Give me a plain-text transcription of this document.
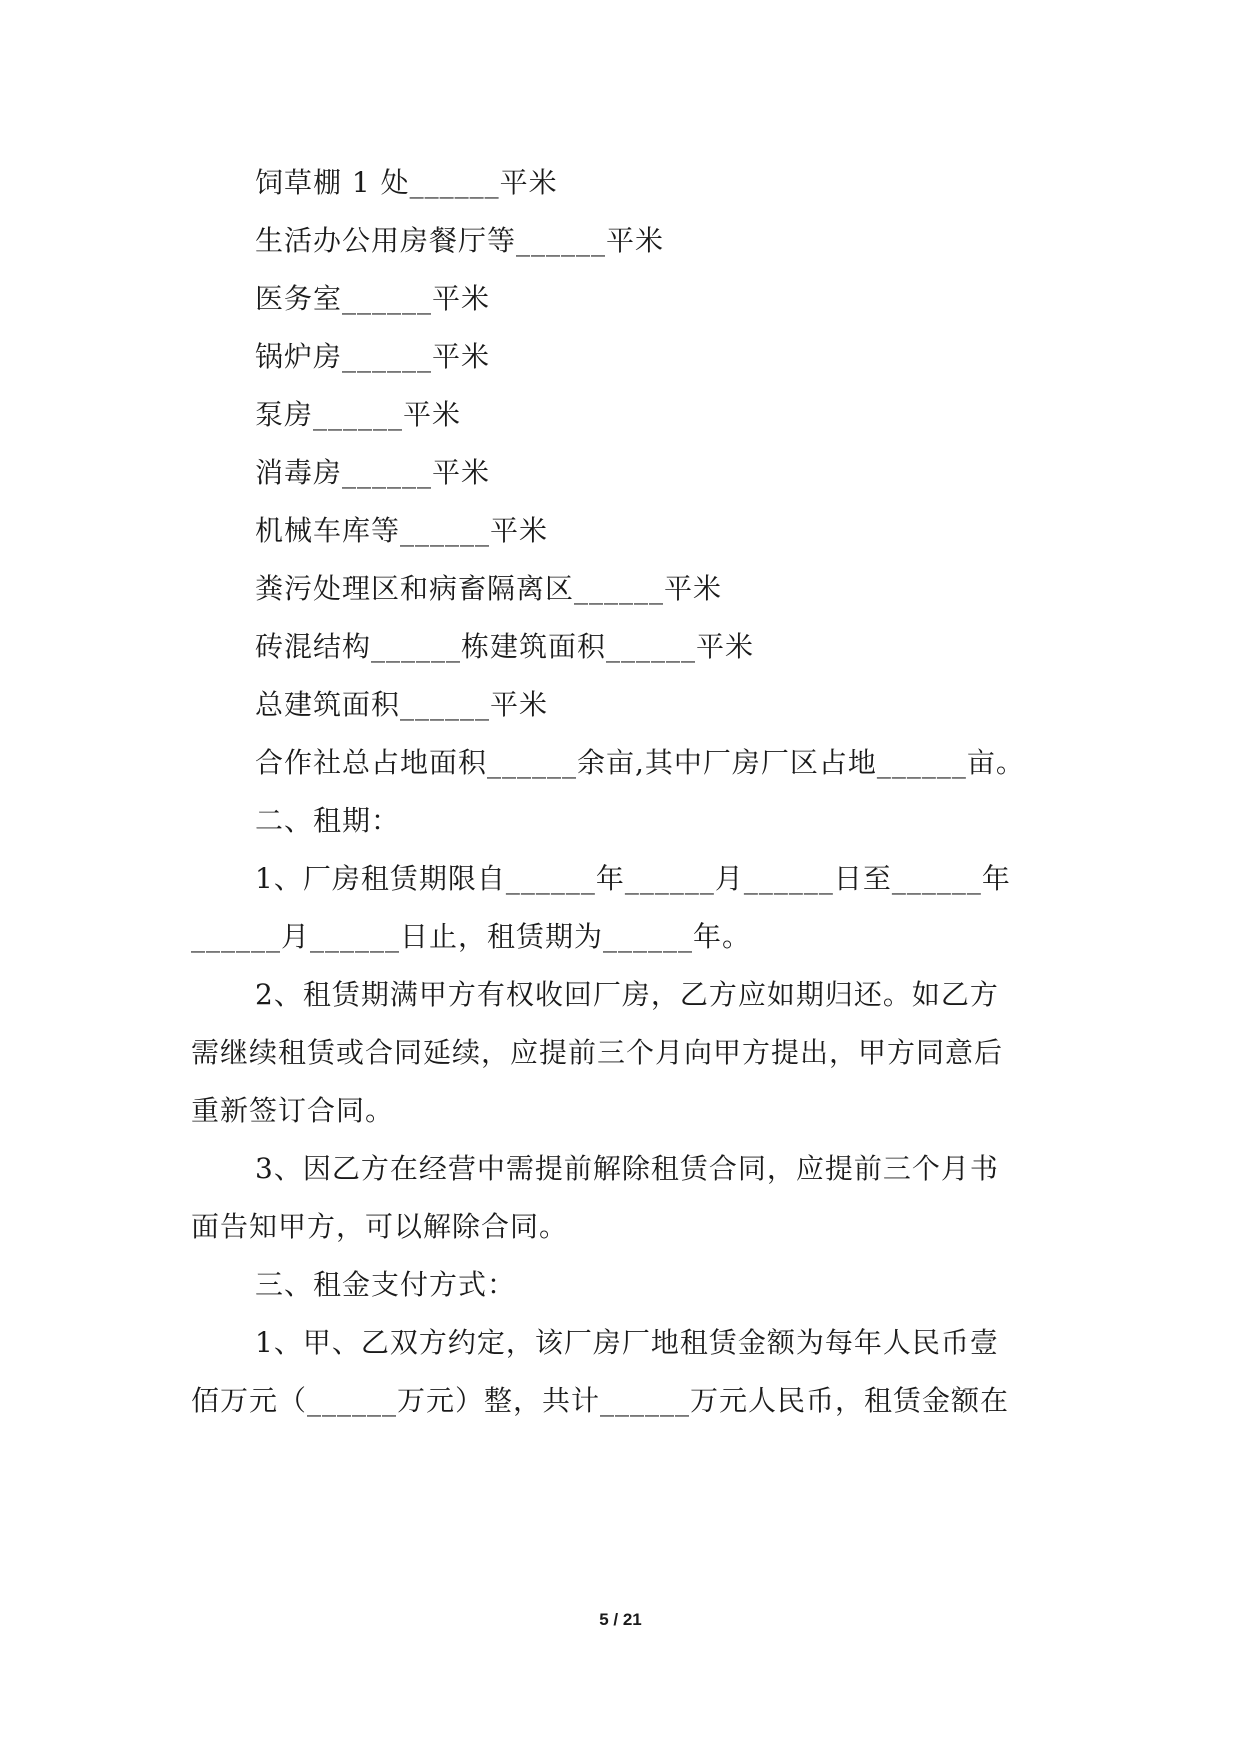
饲草棚 1 处______平米

生活办公用房餐厅等______平米

医务室______平米

锅炉房______平米

泵房______平米

消毒房______平米

机械车库等______平米

粪污处理区和病畜隔离区______平米

砖混结构______栋建筑面积______平米

总建筑面积______平米

合作社总占地面积______余亩,其中厂房厂区占地______亩。

二、租期：

1、厂房租赁期限自______年______月______日至______年

______月______日止，租赁期为______年。

2、租赁期满甲方有权收回厂房，乙方应如期归还。如乙方

需继续租赁或合同延续，应提前三个月向甲方提出，甲方同意后

重新签订合同。

3、因乙方在经营中需提前解除租赁合同，应提前三个月书

面告知甲方，可以解除合同。

三、租金支付方式：

1、甲、乙双方约定，该厂房厂地租赁金额为每年人民币壹

佰万元（______万元）整，共计______万元人民币，租赁金额在

5 / 21
